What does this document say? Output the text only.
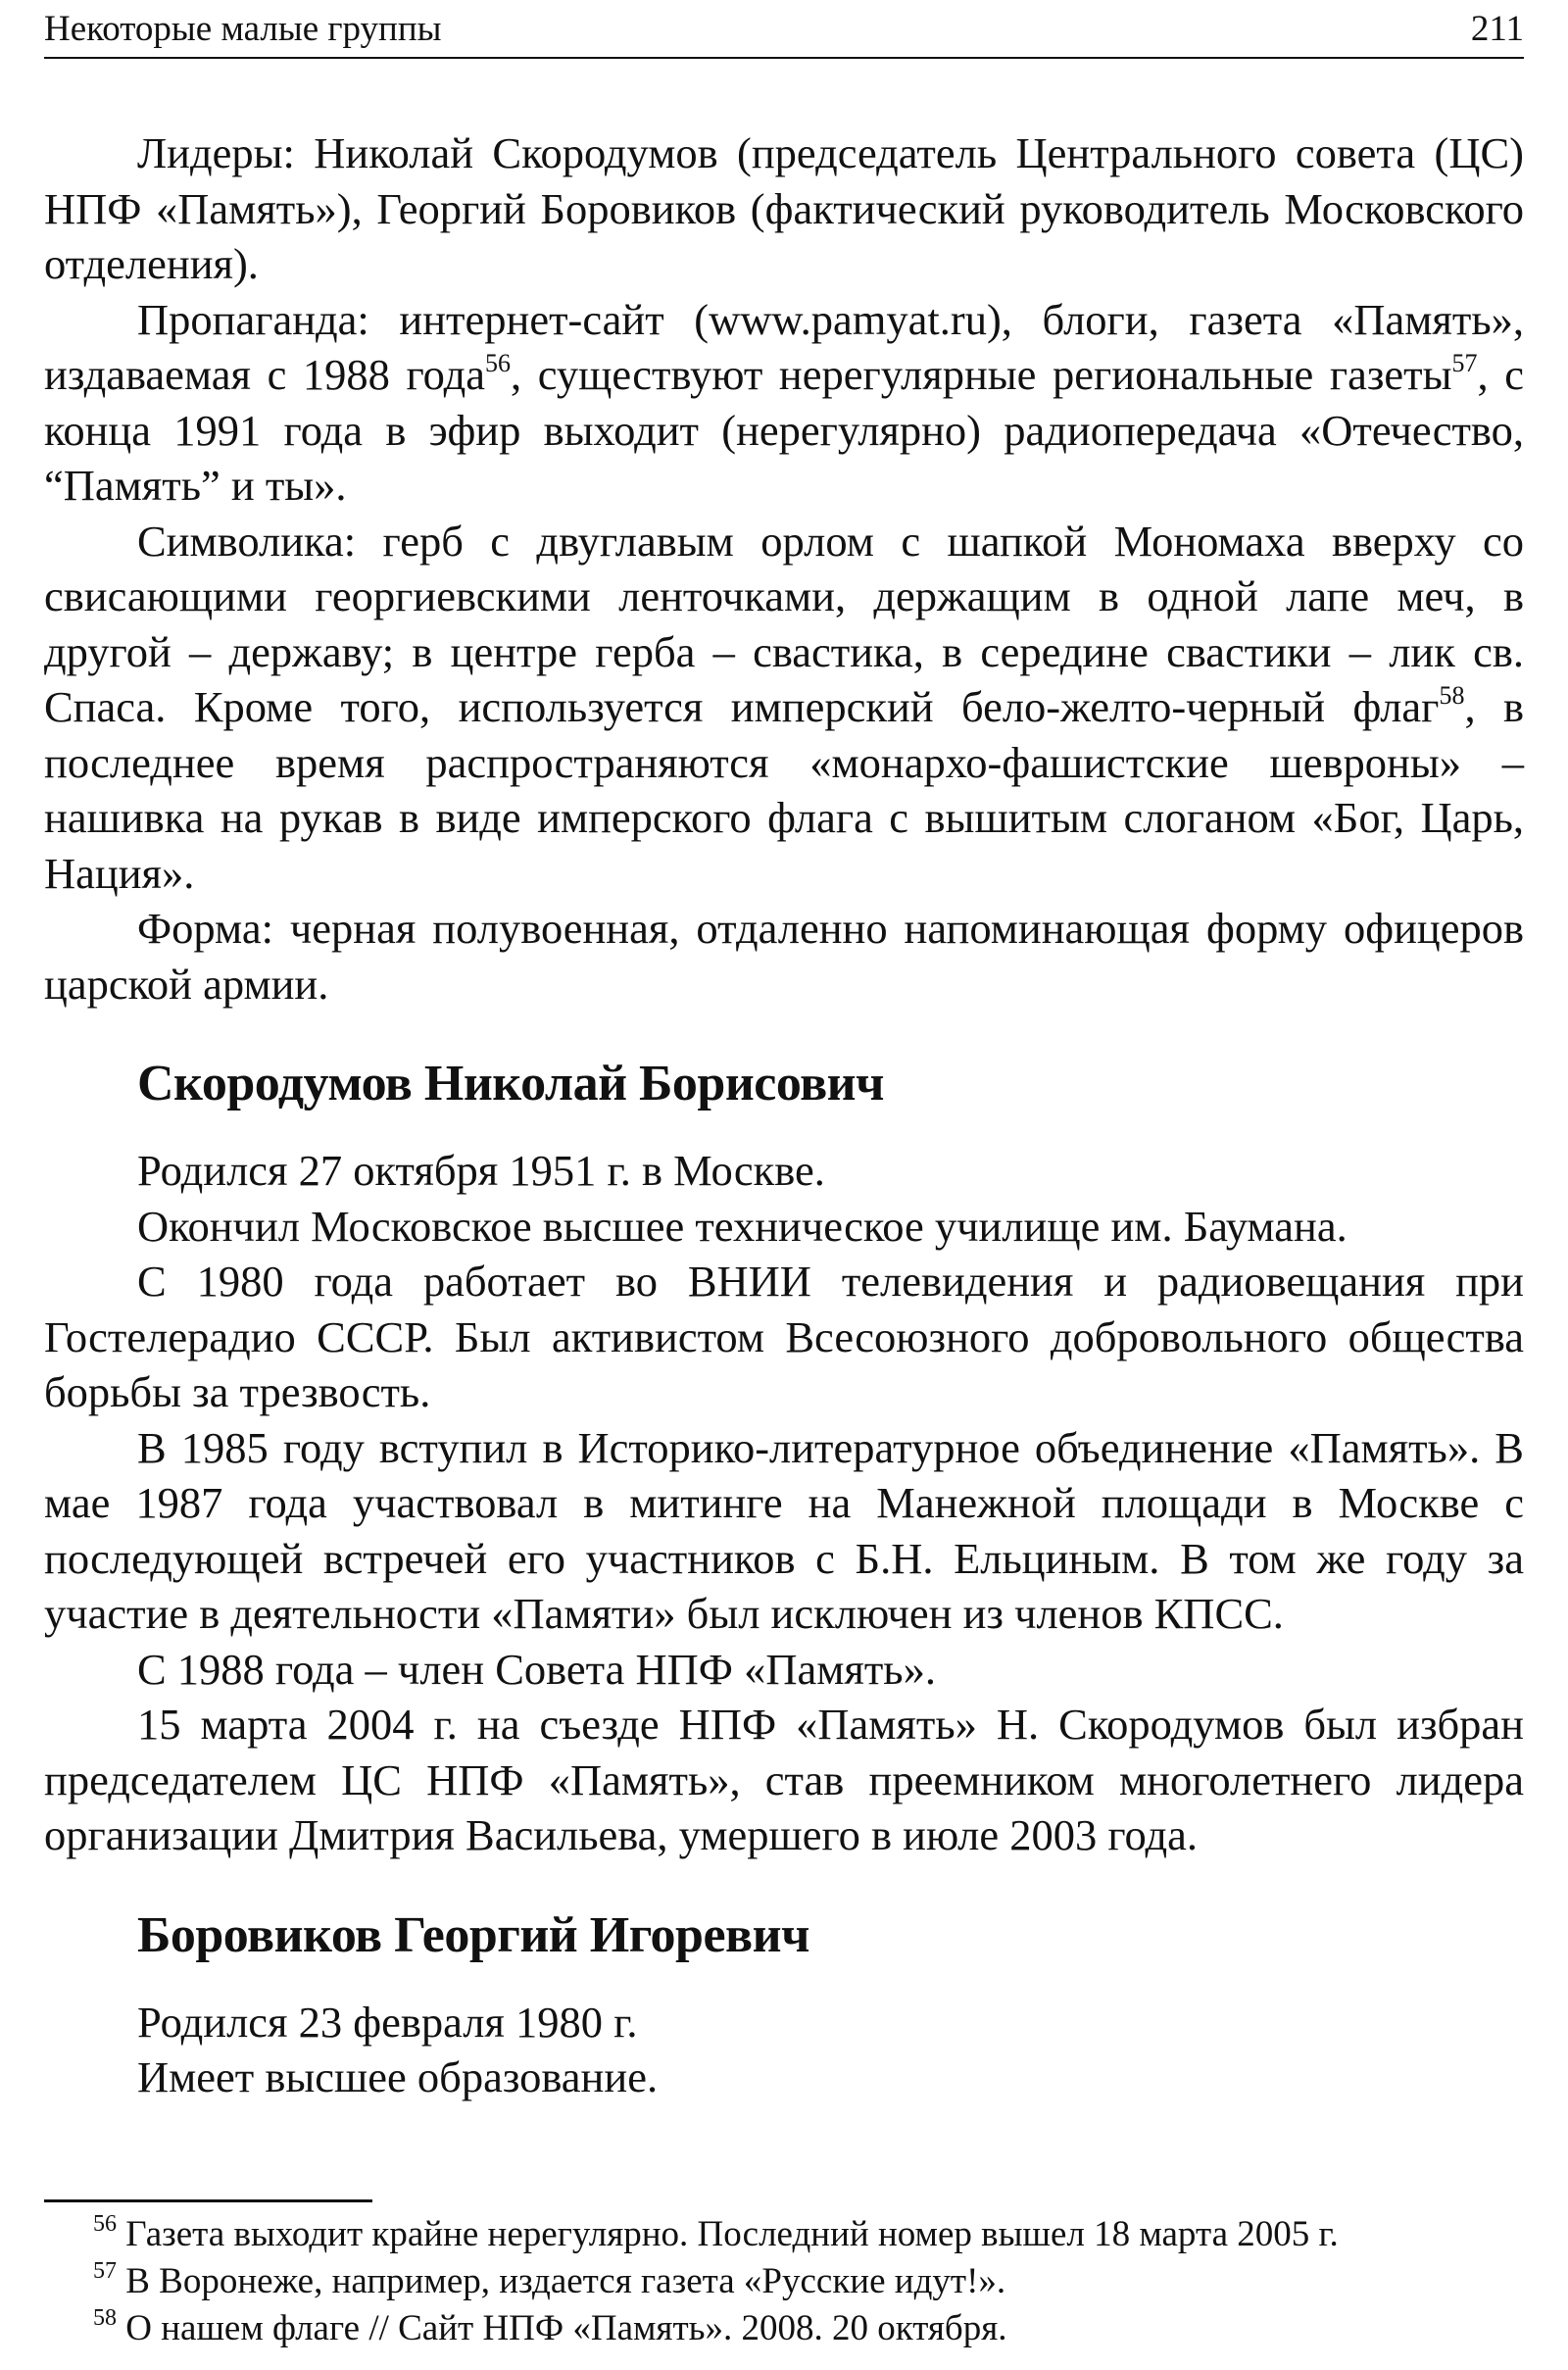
Некоторые малые группы	211

Лидеры: Николай Скородумов (председатель Центрального совета (ЦС) НПФ «Память»), Георгий Боровиков (фактический руководитель Московского отделения).

Пропаганда: интернет-сайт (www.pamyat.ru), блоги, газета «Память», издаваемая с 1988 года$^{56}$, существуют нерегулярные региональные газеты$^{57}$, с конца 1991 года в эфир выходит (нерегулярно) радиопередача «Отечество, “Память” и ты».

Символика: герб с двуглавым орлом с шапкой Мономаха вверху со свисающими георгиевскими ленточками, держащим в одной лапе меч, в другой – державу; в центре герба – свастика, в середине свастики – лик св. Спаса. Кроме того, используется имперский бело-желто-черный флаг$^{58}$, в последнее время распространяются «монархо-фашистские шевроны» – нашивка на рукав в виде имперского флага с вышитым слоганом «Бог, Царь, Нация».

Форма: черная полувоенная, отдаленно напоминающая форму офицеров царской армии.

Скородумов Николай Борисович

Родился 27 октября 1951 г. в Москве.

Окончил Московское высшее техническое училище им. Баумана.

С 1980 года работает во ВНИИ телевидения и радиовещания при Гостелерадио СССР. Был активистом Всесоюзного добровольного общества борьбы за трезвость.

В 1985 году вступил в Историко-литературное объединение «Память». В мае 1987 года участвовал в митинге на Манежной площади в Москве с последующей встречей его участников с Б.Н. Ельциным. В том же году за участие в деятельности «Памяти» был исключен из членов КПСС.

С 1988 года – член Совета НПФ «Память».

15 марта 2004 г. на съезде НПФ «Память» Н. Скородумов был избран председателем ЦС НПФ «Память», став преемником многолетнего лидера организации Дмитрия Васильева, умершего в июле 2003 года.

Боровиков Георгий Игоревич

Родился 23 февраля 1980 г.

Имеет высшее образование.

$^{56}$ Газета выходит крайне нерегулярно. Последний номер вышел 18 марта 2005 г.
$^{57}$ В Воронеже, например, издается газета «Русские идут!».
$^{58}$ О нашем флаге // Сайт НПФ «Память». 2008. 20 октября.
